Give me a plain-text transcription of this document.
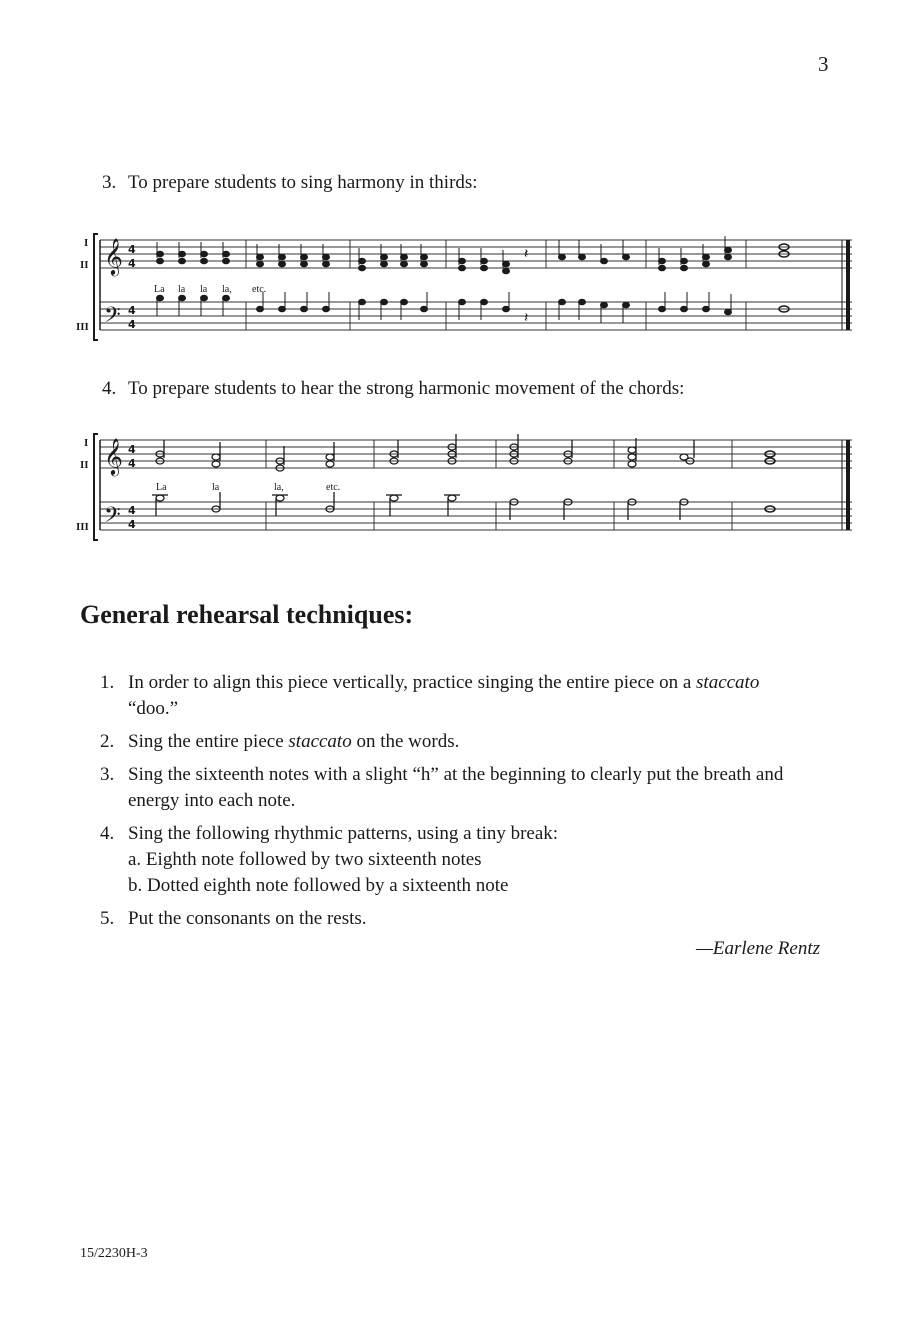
3
3. To prepare students to sing harmony in thirds:
I
II
III
𝄞 4
4
𝄢 4
4
𝄽
La la la la, etc.
𝄽
4. To prepare students to hear the strong harmonic movement of the chords:
I
II
III
𝄞 4
4
𝄢 4
4
La	la	la,	etc.
General rehearsal techniques:
1. In order to align this piece vertically, practice singing the entire piece on a staccato “doo.”
2. Sing the entire piece staccato on the words.
3. Sing the sixteenth notes with a slight “h” at the beginning to clearly put the breath and energy into each note.
4. Sing the following rhythmic patterns, using a tiny break:
a. Eighth note followed by two sixteenth notes
b. Dotted eighth note followed by a sixteenth note
5. Put the consonants on the rests.
—Earlene Rentz
15/2230H-3
